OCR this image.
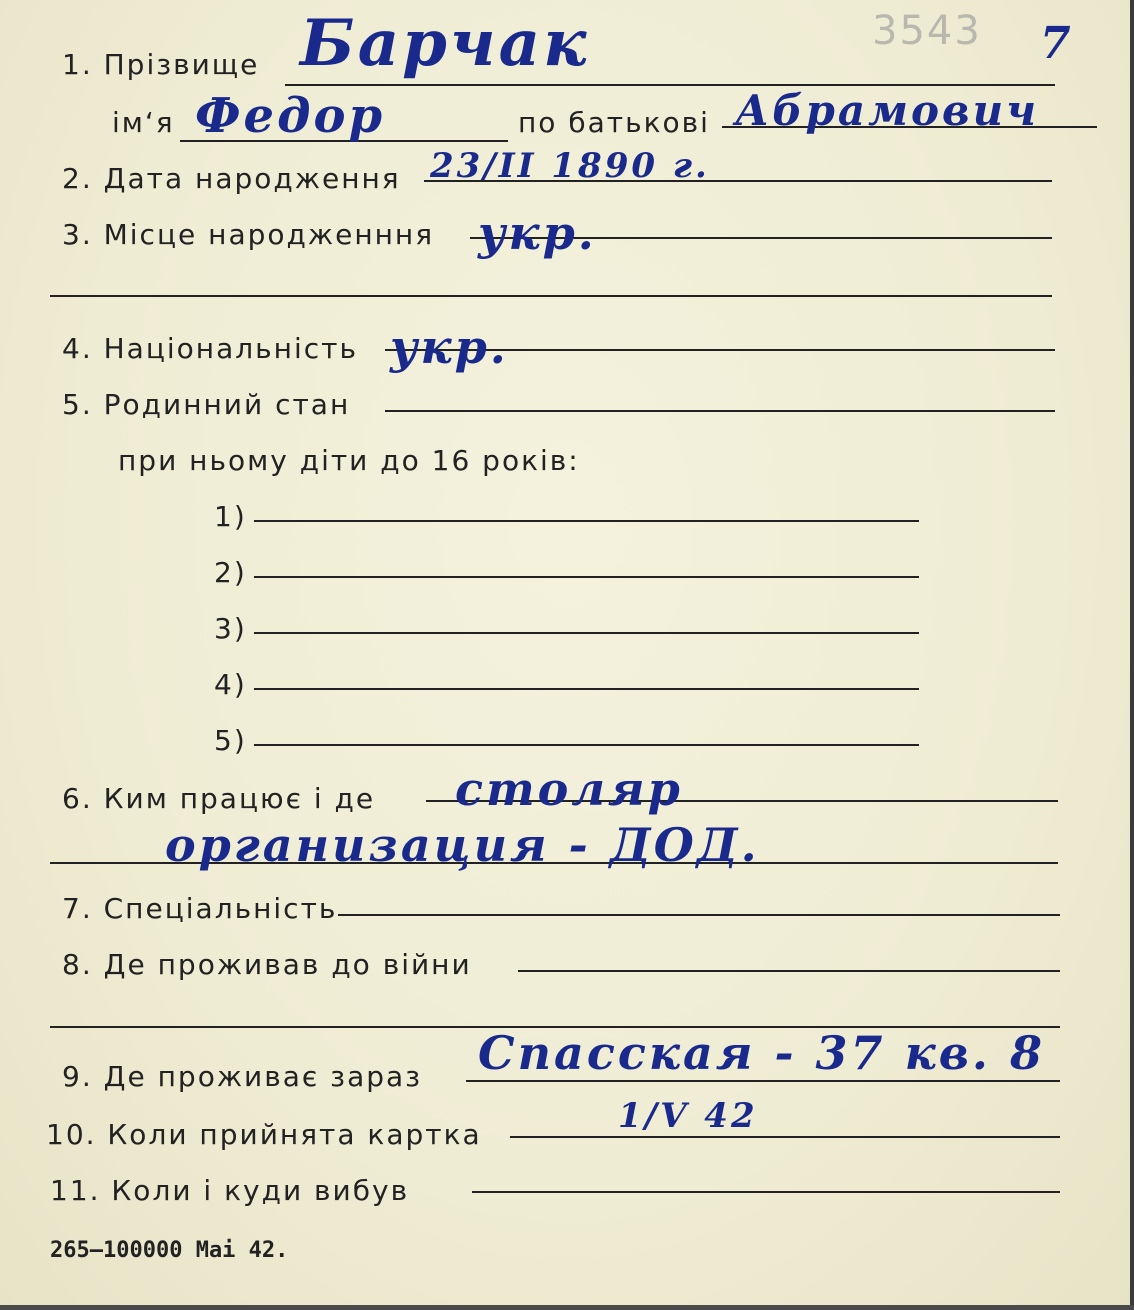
3543
1. Прізвище Барчак	7
ім‘я Федор	по батькові Абрамович
2. Дата народження 23/II 1890 г.
3. Місце народженння укр.
4. Національність укр.
5. Родинний стан
при ньому діти до 16 років:
1)
2)
3)
4)
5)
6. Ким працює і де столяр
организация - ДОД.
7. Спеціальність
8. Де проживав до війни
9. Де проживає зараз Спасская - 37 кв. 8
10. Коли прийнята картка	1/V 42
11. Коли і куди вибув
265—100000 Mai 42.
